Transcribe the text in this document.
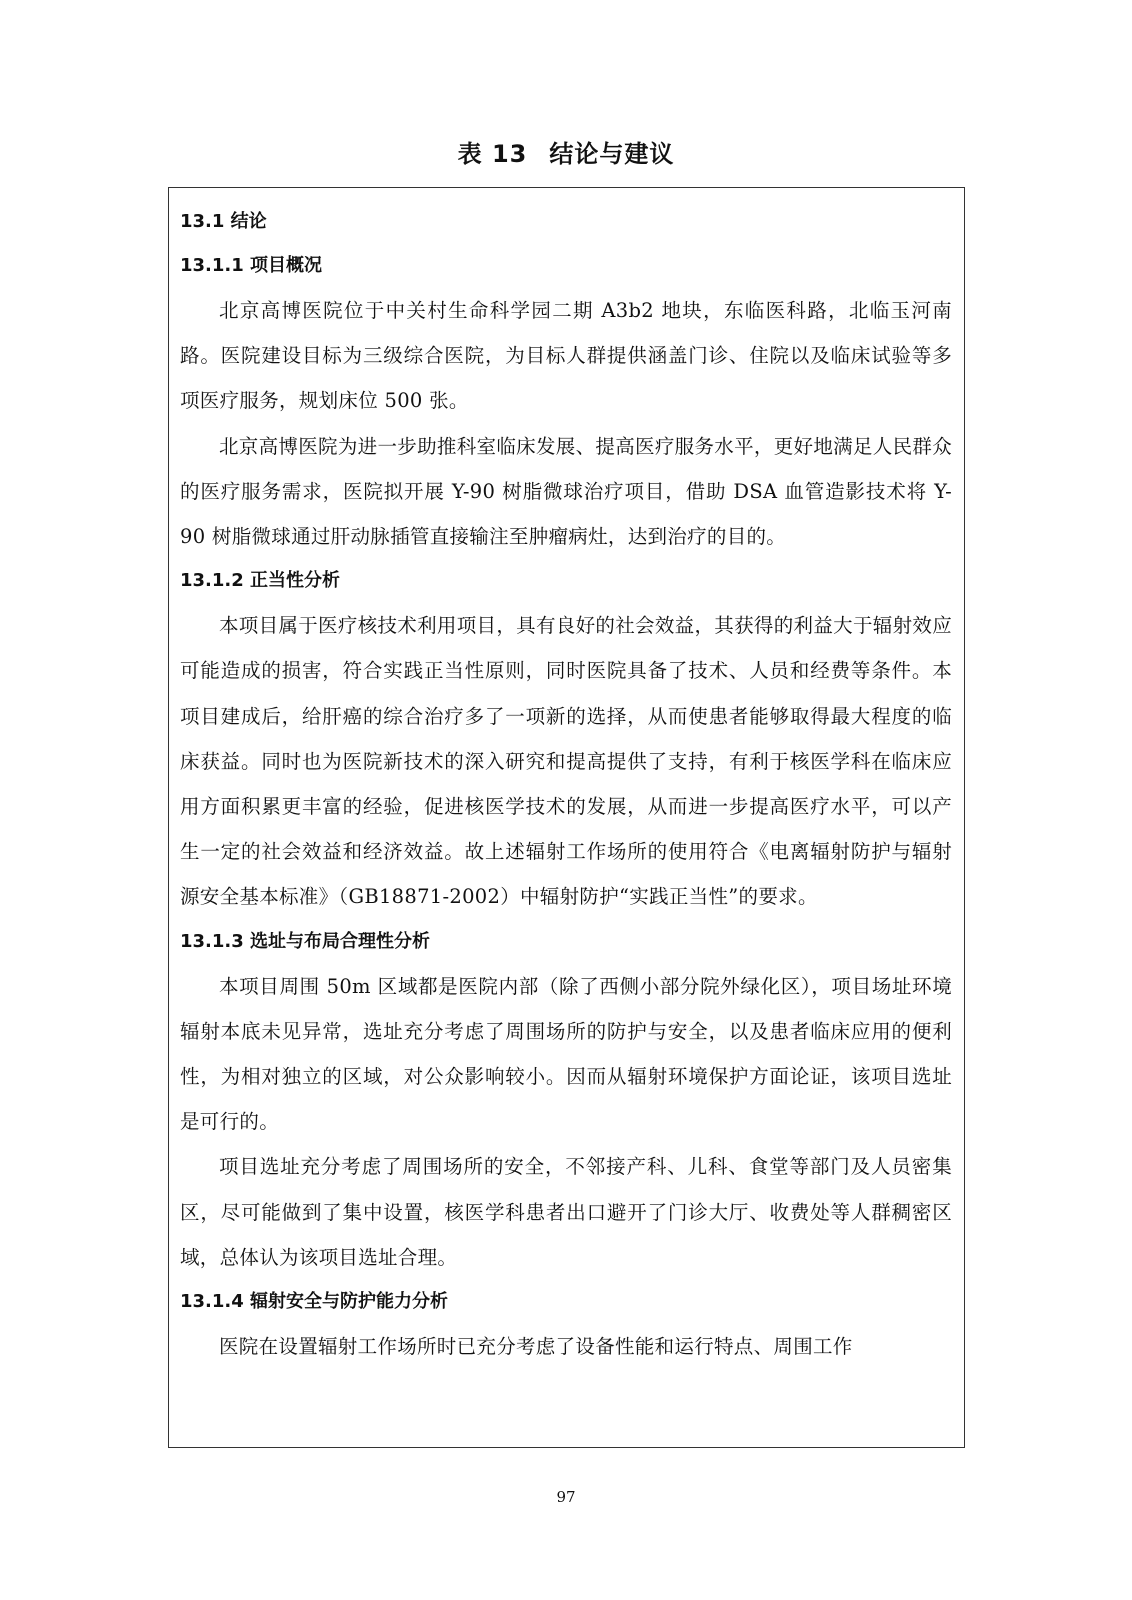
表 13 结论与建议

13.1 结论

13.1.1 项目概况

北京高博医院位于中关村生命科学园二期 A3b2 地块，东临医科路，北临玉河南路。医院建设目标为三级综合医院，为目标人群提供涵盖门诊、住院以及临床试验等多项医疗服务，规划床位 500 张。

北京高博医院为进一步助推科室临床发展、提高医疗服务水平，更好地满足人民群众的医疗服务需求，医院拟开展 Y-90 树脂微球治疗项目，借助 DSA 血管造影技术将 Y-90 树脂微球通过肝动脉插管直接输注至肿瘤病灶，达到治疗的目的。

13.1.2 正当性分析

本项目属于医疗核技术利用项目，具有良好的社会效益，其获得的利益大于辐射效应可能造成的损害，符合实践正当性原则，同时医院具备了技术、人员和经费等条件。本项目建成后，给肝癌的综合治疗多了一项新的选择，从而使患者能够取得最大程度的临床获益。同时也为医院新技术的深入研究和提高提供了支持，有利于核医学科在临床应用方面积累更丰富的经验，促进核医学技术的发展，从而进一步提高医疗水平，可以产生一定的社会效益和经济效益。故上述辐射工作场所的使用符合《电离辐射防护与辐射源安全基本标准》（GB18871-2002）中辐射防护“实践正当性”的要求。

13.1.3 选址与布局合理性分析

本项目周围 50m 区域都是医院内部（除了西侧小部分院外绿化区），项目场址环境辐射本底未见异常，选址充分考虑了周围场所的防护与安全，以及患者临床应用的便利性，为相对独立的区域，对公众影响较小。因而从辐射环境保护方面论证，该项目选址是可行的。

项目选址充分考虑了周围场所的安全，不邻接产科、儿科、食堂等部门及人员密集区，尽可能做到了集中设置，核医学科患者出口避开了门诊大厅、收费处等人群稠密区域，总体认为该项目选址合理。

13.1.4 辐射安全与防护能力分析

医院在设置辐射工作场所时已充分考虑了设备性能和运行特点、周围工作

97
